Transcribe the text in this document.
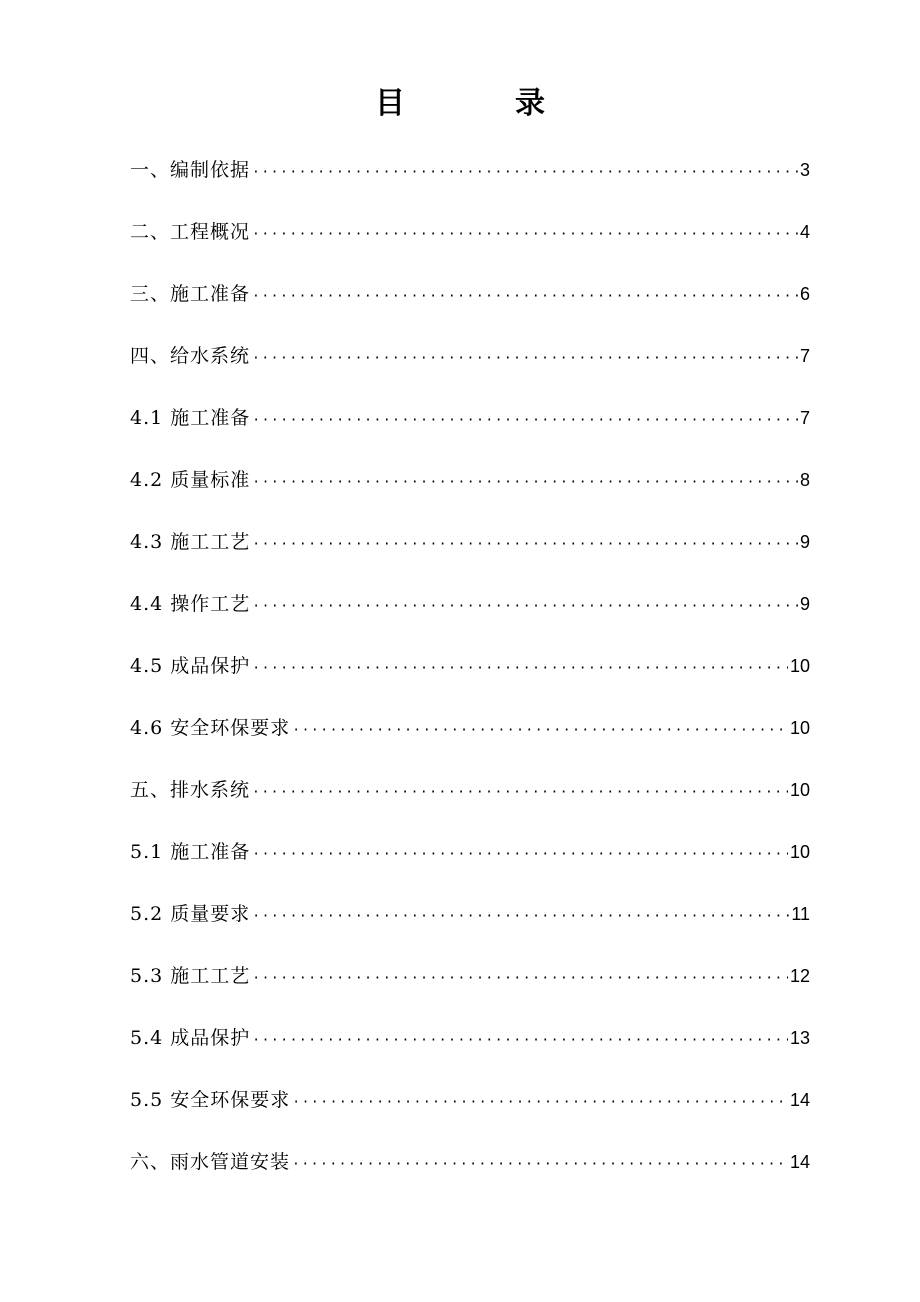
目　录
一、编制依据 ·····	3
二、工程概况 ·····	4
三、施工准备 ·····	6
四、给水系统 ·····	7
4.1 施工准备 ·····	7
4.2 质量标准 ·····	8
4.3 施工工艺 ·····	9
4.4 操作工艺 ·····	9
4.5 成品保护 ·····	10
4.6 安全环保要求 ·····	10
五、排水系统 ·····	10
5.1 施工准备 ·····	10
5.2 质量要求 ·····	11
5.3 施工工艺 ·····	12
5.4 成品保护 ·····	13
5.5 安全环保要求 ·····	14
六、雨水管道安装 ·····	14
